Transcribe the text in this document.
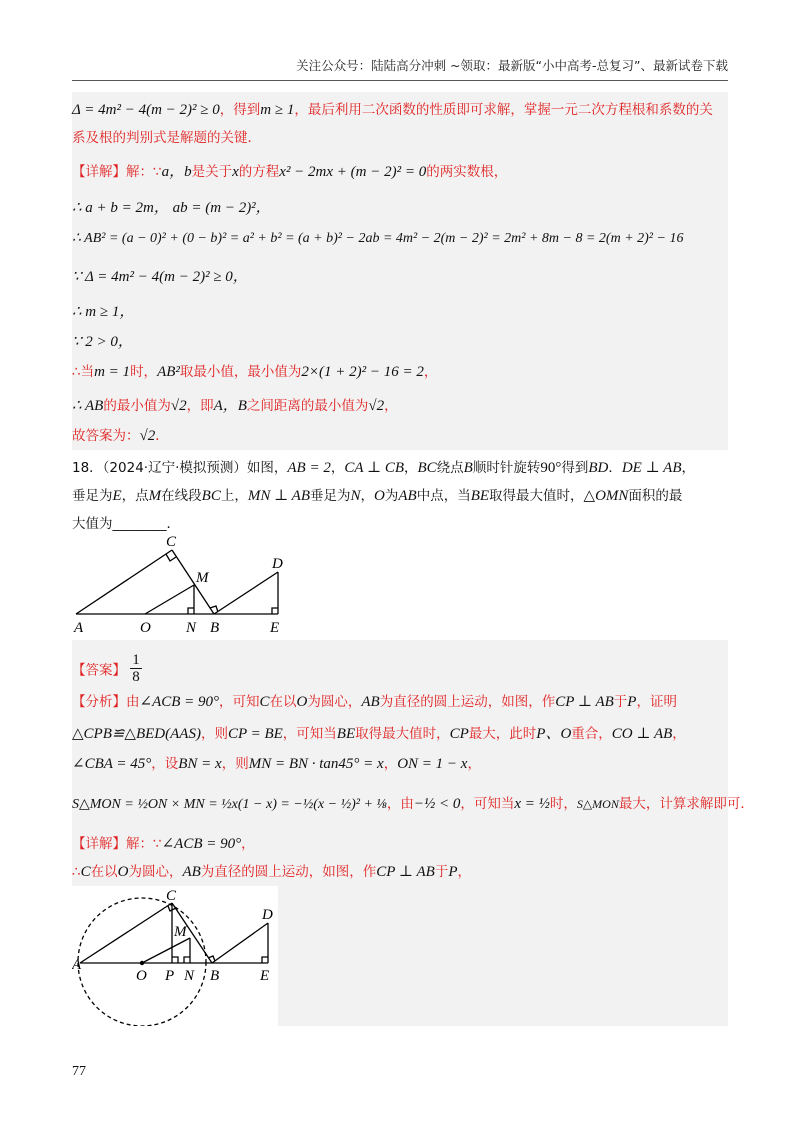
关注公众号：陆陆高分冲刺 ~领取：最新版“小中高考-总复习”、最新试卷下载
Δ = 4m² − 4(m − 2)² ≥ 0，得到m ≥ 1，最后利用二次函数的性质即可求解，掌握一元二次方程根和系数的关
系及根的判别式是解题的关键．
【详解】解：∵a，b是关于x的方程x² − 2mx + (m − 2)² = 0的两实数根，
∴ a + b = 2m， ab = (m − 2)²，
∴ AB² = (a − 0)² + (0 − b)² = a² + b² = (a + b)² − 2ab = 4m² − 2(m − 2)² = 2m² + 8m − 8 = 2(m + 2)² − 16
∵ Δ = 4m² − 4(m − 2)² ≥ 0，
∴ m ≥ 1，
∵ 2 > 0，
∴当m = 1时，AB²取最小值，最小值为2×(1 + 2)² − 16 = 2，
∴ AB的最小值为√2，即A，B之间距离的最小值为√2，
故答案为：√2．
18．（2024·辽宁·模拟预测）如图，AB = 2，CA ⊥ CB，BC绕点B顺时针旋转90°得到BD．DE ⊥ AB，
垂足为E，点M在线段BC上，MN ⊥ AB垂足为N，O为AB中点，当BE取得最大值时，△OMN面积的最
大值为________．
A	O N B	E
C
M
D
【答案】 $\frac{1}{8}$
【分析】由∠ACB = 90°，可知C在以O为圆心，AB为直径的圆上运动，如图，作CP ⊥ AB于P，证明
△CPB≌△BED(AAS)，则CP = BE，可知当BE取得最大值时，CP最大，此时P、O重合，CO ⊥ AB，
∠CBA = 45°，设BN = x，则MN = BN · tan45° = x，ON = 1 − x，
S△MON = ½ON × MN = ½x(1 − x) = −½(x − ½)² + ⅛，由−½ < 0，可知当x = ½时，S△MON最大，计算求解即可．
【详解】解：∵∠ACB = 90°，
∴C在以O为圆心，AB为直径的圆上运动，如图，作CP ⊥ AB于P，
A
O P N B	E
C
M
D
77
